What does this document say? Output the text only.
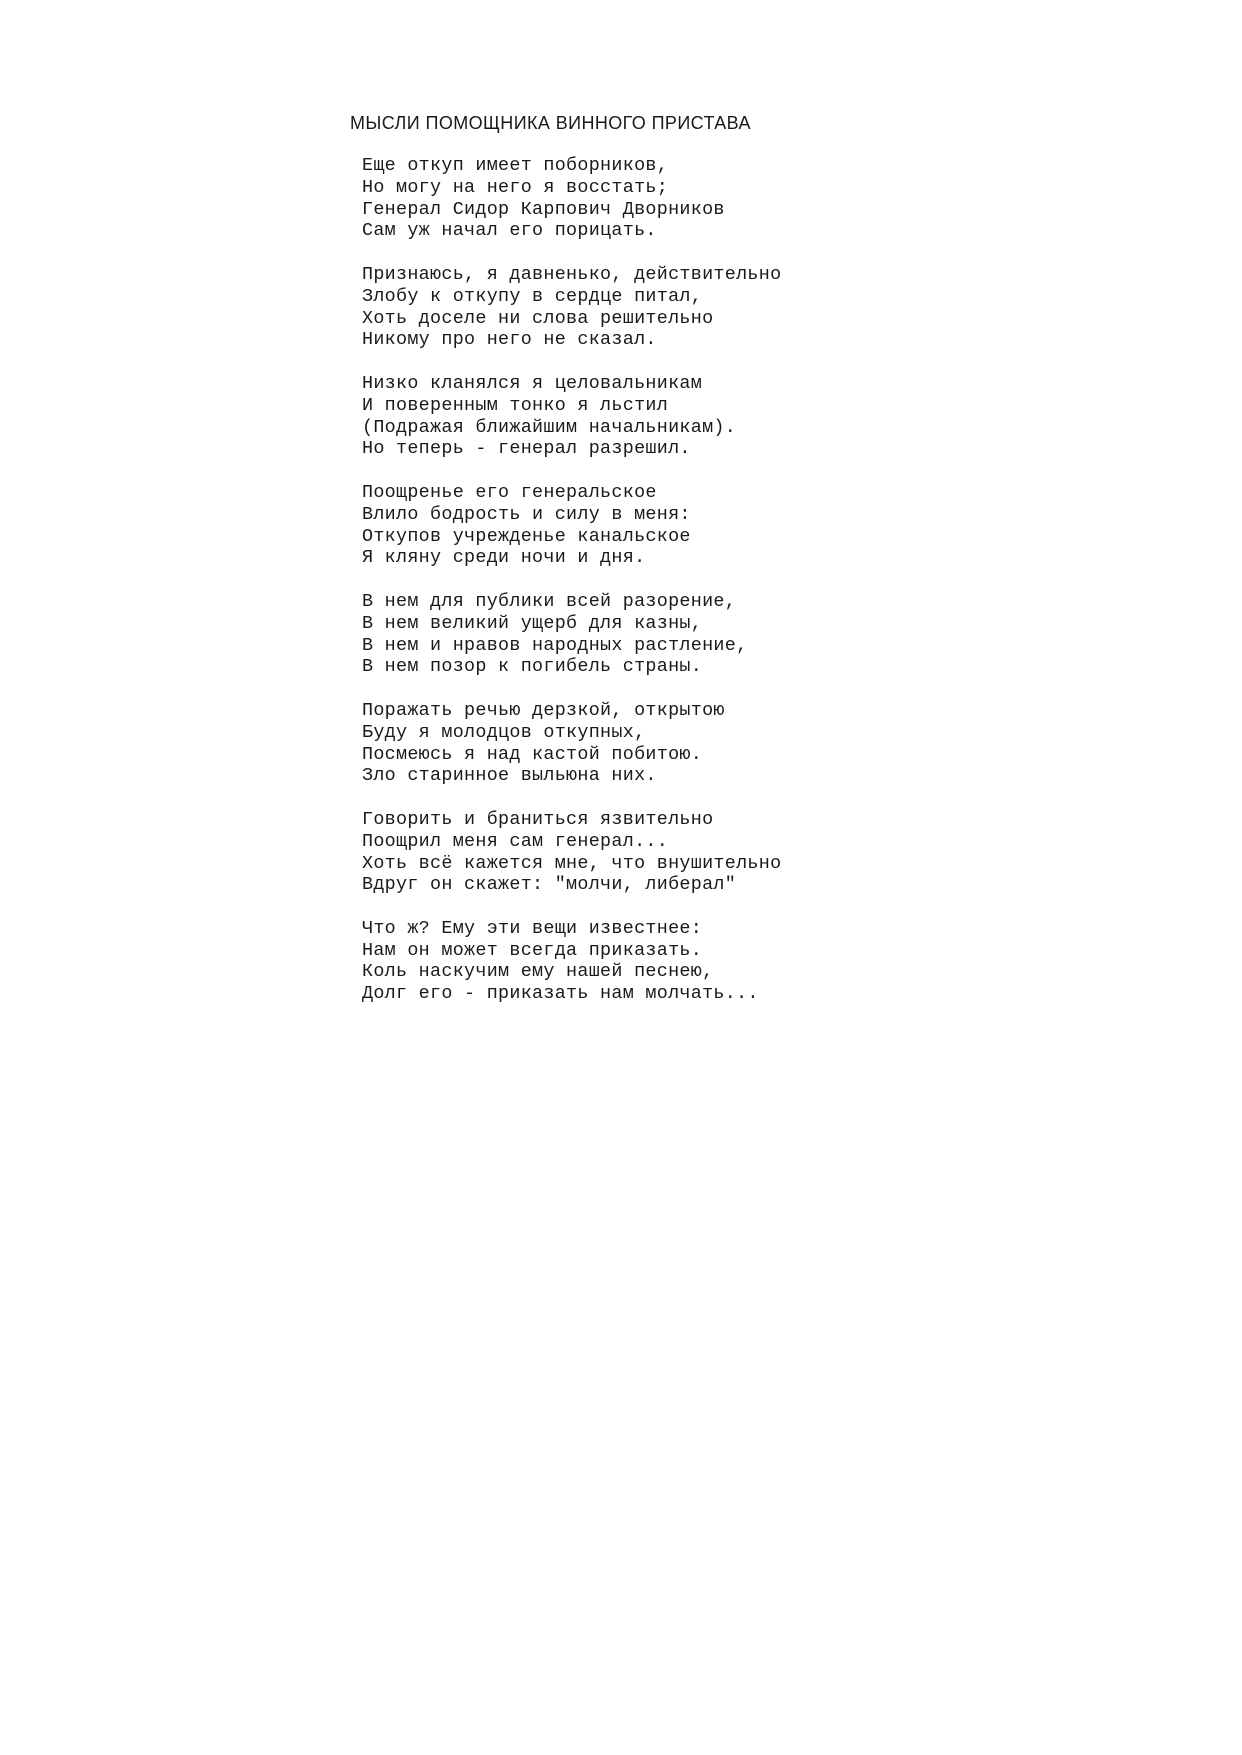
МЫСЛИ ПОМОЩНИКА ВИННОГО ПРИСТАВА
Еще откуп имеет поборников,
Но могу на него я восстать;
Генерал Сидор Карпович Дворников
Сам уж начал его порицать.
Признаюсь, я давненько, действительно
Злобу к откупу в сердце питал,
Хоть доселе ни слова решительно
Никому про него не сказал.
Низко кланялся я целовальникам
И поверенным тонко я льстил
(Подражая ближайшим начальникам).
Но теперь - генерал разрешил.
Поощренье его генеральское
Влило бодрость и силу в меня:
Откупов учрежденье канальское
Я кляну среди ночи и дня.
В нем для публики всей разорение,
В нем великий ущерб для казны,
В нем и нравов народных растление,
В нем позор к погибель страны.
Поражать речью дерзкой, открытою
Буду я молодцов откупных,
Посмеюсь я над кастой побитою.
Зло старинное выльюна них.
Говорить и браниться язвительно
Поощрил меня сам генерал...
Хоть всё кажется мне, что внушительно
Вдруг он скажет: "молчи, либерал"
Что ж? Ему эти вещи известнее:
Нам он может всегда приказать.
Коль наскучим ему нашей песнею,
Долг его - приказать нам молчать...
